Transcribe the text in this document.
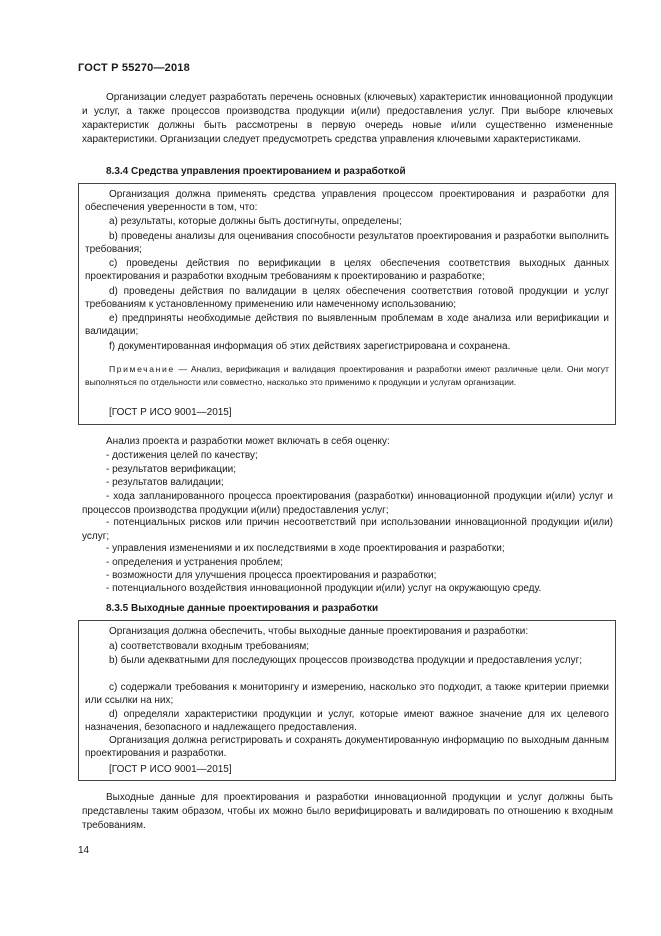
ГОСТ Р 55270—2018
Организации следует разработать перечень основных (ключевых) характеристик инновационной продукции и услуг, а также процессов производства продукции и(или) предоставления услуг. При выборе ключевых характеристик должны быть рассмотрены в первую очередь новые и/или существенно измененные характеристики. Организации следует предусмотреть средства управления ключевыми характеристиками.
8.3.4 Средства управления проектированием и разработкой
Организация должна применять средства управления процессом проектирования и разработки для обеспечения уверенности в том, что:
а) результаты, которые должны быть достигнуты, определены;
b) проведены анализы для оценивания способности результатов проектирования и разработки выполнить требования;
с) проведены действия по верификации в целях обеспечения соответствия выходных данных проектирования и разработки входным требованиям к проектированию и разработке;
d) проведены действия по валидации в целях обеспечения соответствия готовой продукции и услуг требованиям к установленному применению или намеченному использованию;
е) предприняты необходимые действия по выявленным проблемам в ходе анализа или верификации и валидации;
f) документированная информация об этих действиях зарегистрирована и сохранена.
Примечание — Анализ, верификация и валидация проектирования и разработки имеют различные цели. Они могут выполняться по отдельности или совместно, насколько это применимо к продукции и услугам организации.
[ГОСТ Р ИСО 9001—2015]
Анализ проекта и разработки может включать в себя оценку:
- достижения целей по качеству;
- результатов верификации;
- результатов валидации;
- хода запланированного процесса проектирования (разработки) инновационной продукции и(или) услуг и процессов производства продукции и(или) предоставления услуг;
- потенциальных рисков или причин несоответствий при использовании инновационной продукции и(или) услуг;
- управления изменениями и их последствиями в ходе проектирования и разработки;
- определения и устранения проблем;
- возможности для улучшения процесса проектирования и разработки;
- потенциального воздействия инновационной продукции и(или) услуг на окружающую среду.
8.3.5 Выходные данные проектирования и разработки
Организация должна обеспечить, чтобы выходные данные проектирования и разработки:
а) соответствовали входным требованиям;
b) были адекватными для последующих процессов производства продукции и предоставления услуг;
с) содержали требования к мониторингу и измерению, насколько это подходит, а также критерии приемки или ссылки на них;
d) определяли характеристики продукции и услуг, которые имеют важное значение для их целевого назначения, безопасного и надлежащего предоставления.
Организация должна регистрировать и сохранять документированную информацию по выходным данным проектирования и разработки.
[ГОСТ Р ИСО 9001—2015]
Выходные данные для проектирования и разработки инновационной продукции и услуг должны быть представлены таким образом, чтобы их можно было верифицировать и валидировать по отношению к входным требованиям.
14
